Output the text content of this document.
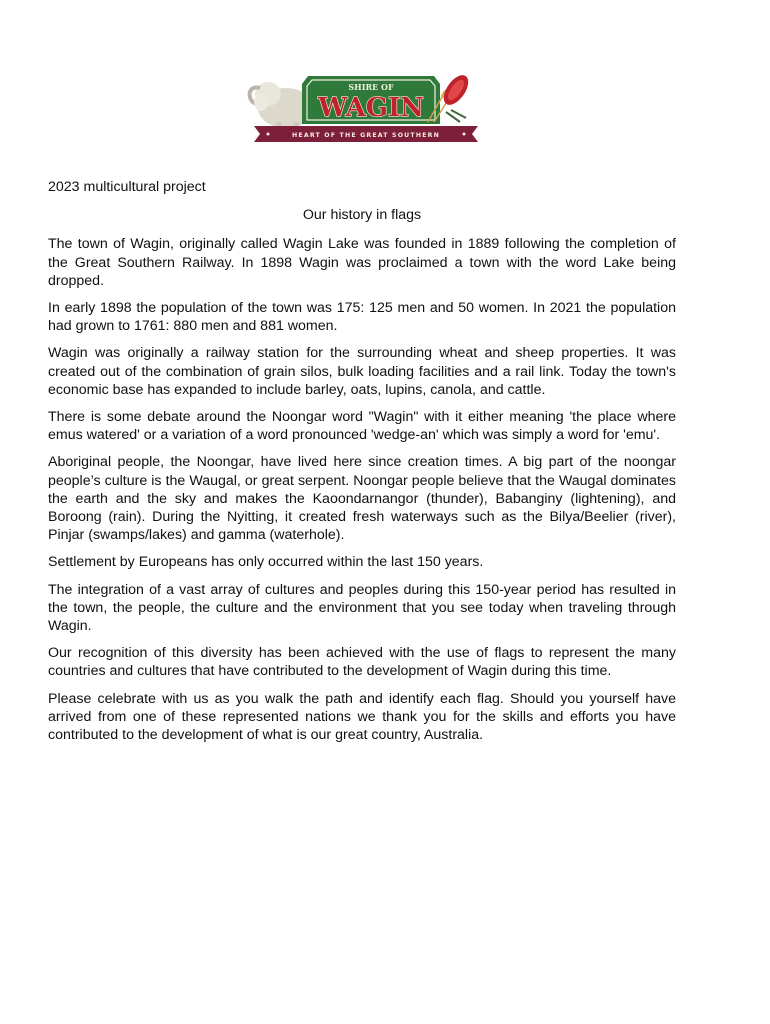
SHIRE OF
WAGIN
HEART OF THE GREAT SOUTHERN

2023 multicultural project

Our history in flags

The town of Wagin, originally called Wagin Lake was founded in 1889 following the completion of the Great Southern Railway. In 1898 Wagin was proclaimed a town with the word Lake being dropped.

In early 1898 the population of the town was 175: 125 men and 50 women. In 2021 the population had grown to 1761: 880 men and 881 women.

Wagin was originally a railway station for the surrounding wheat and sheep properties. It was created out of the combination of grain silos, bulk loading facilities and a rail link. Today the town's economic base has expanded to include barley, oats, lupins, canola, and cattle.

There is some debate around the Noongar word "Wagin" with it either meaning 'the place where emus watered' or a variation of a word pronounced 'wedge-an' which was simply a word for 'emu'.

Aboriginal people, the Noongar, have lived here since creation times. A big part of the noongar people’s culture is the Waugal, or great serpent. Noongar people believe that the Waugal dominates the earth and the sky and makes the Kaoondarnangor (thunder), Babanginy (lightening), and Boroong (rain). During the Nyitting, it created fresh waterways such as the Bilya/Beelier (river), Pinjar (swamps/lakes) and gamma (waterhole).

Settlement by Europeans has only occurred within the last 150 years.

The integration of a vast array of cultures and peoples during this 150-year period has resulted in the town, the people, the culture and the environment that you see today when traveling through Wagin.

Our recognition of this diversity has been achieved with the use of flags to represent the many countries and cultures that have contributed to the development of Wagin during this time.

Please celebrate with us as you walk the path and identify each flag. Should you yourself have arrived from one of these represented nations we thank you for the skills and efforts you have contributed to the development of what is our great country, Australia.
